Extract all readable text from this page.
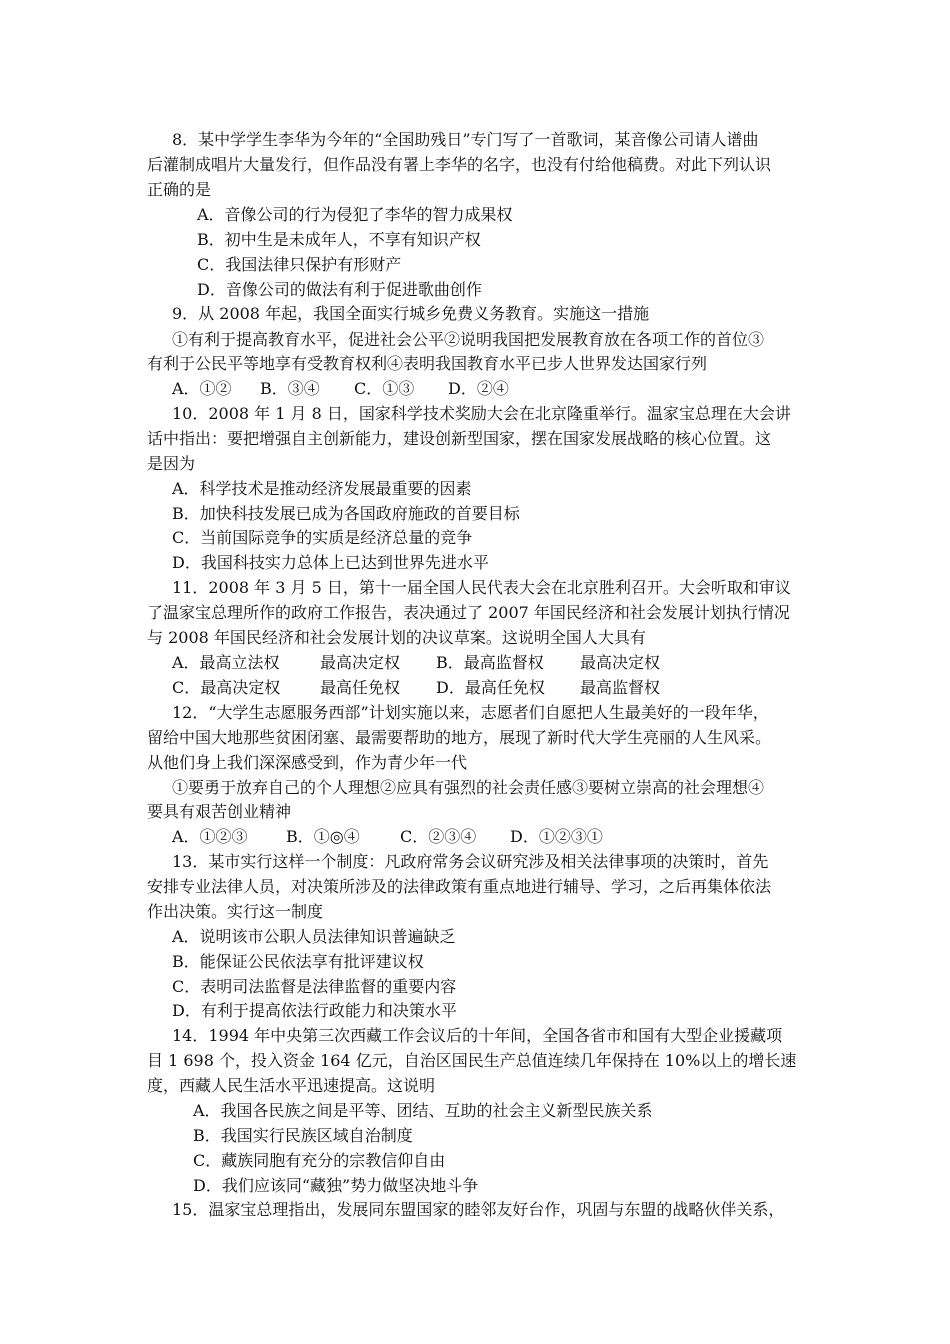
8．某中学学生李华为今年的“全国助残日”专门写了一首歌词，某音像公司请人谱曲
后灌制成唱片大量发行，但作品没有署上李华的名字，也没有付给他稿费。对此下列认识
正确的是
A．音像公司的行为侵犯了李华的智力成果权
B．初中生是未成年人，不享有知识产权
C．我国法律只保护有形财产
D．音像公司的做法有利于促进歌曲创作
9．从 2008 年起，我国全面实行城乡免费义务教育。实施这一措施
①有利于提高教育水平，促进社会公平②说明我国把发展教育放在各项工作的首位③
有利于公民平等地享有受教育权利④表明我国教育水平已步人世界发达国家行列
A．①② B．③④ C．①③ D．②④
10．2008 年 1 月 8 日，国家科学技术奖励大会在北京隆重举行。温家宝总理在大会讲
话中指出：要把增强自主创新能力，建设创新型国家，摆在国家发展战略的核心位置。这
是因为
A．科学技术是推动经济发展最重要的因素
B．加快科技发展已成为各国政府施政的首要目标
C．当前国际竞争的实质是经济总量的竞争
D．我国科技实力总体上已达到世界先进水平
11．2008 年 3 月 5 日，第十一届全国人民代表大会在北京胜利召开。大会听取和审议
了温家宝总理所作的政府工作报告，表决通过了 2007 年国民经济和社会发展计划执行情况
与 2008 年国民经济和社会发展计划的决议草案。这说明全国人大具有
A．最高立法权	最高决定权 B．最高监督权 最高决定权
C．最高决定权 最高任免权 D．最高任免权 最高监督权
12．“大学生志愿服务西部”计划实施以来，志愿者们自愿把人生最美好的一段年华，
留给中国大地那些贫困闭塞、最需要帮助的地方，展现了新时代大学生亮丽的人生风采。
从他们身上我们深深感受到，作为青少年一代
①要勇于放弃自己的个人理想②应具有强烈的社会责任感③要树立崇高的社会理想④
要具有艰苦创业精神
A．①②③ B．①◎④	C．②③④ D．①②③①
13．某市实行这样一个制度：凡政府常务会议研究涉及相关法律事项的决策时，首先
安排专业法律人员，对决策所涉及的法律政策有重点地进行辅导、学习，之后再集体依法
作出决策。实行这一制度
A．说明该市公职人员法律知识普遍缺乏
B．能保证公民依法享有批评建议权
C．表明司法监督是法律监督的重要内容
D．有利于提高依法行政能力和决策水平
14．1994 年中央第三次西藏工作会议后的十年间，全国各省市和国有大型企业援藏项
目 1 698 个，投入资金 164 亿元，自治区国民生产总值连续几年保持在 10%以上的增长速
度，西藏人民生活水平迅速提高。这说明
A．我国各民族之间是平等、团结、互助的社会主义新型民族关系
B．我国实行民族区域自治制度
C．藏族同胞有充分的宗教信仰自由
D．我们应该同“藏独”势力做坚决地斗争
15．温家宝总理指出，发展同东盟国家的睦邻友好台作，巩固与东盟的战略伙伴关系，
